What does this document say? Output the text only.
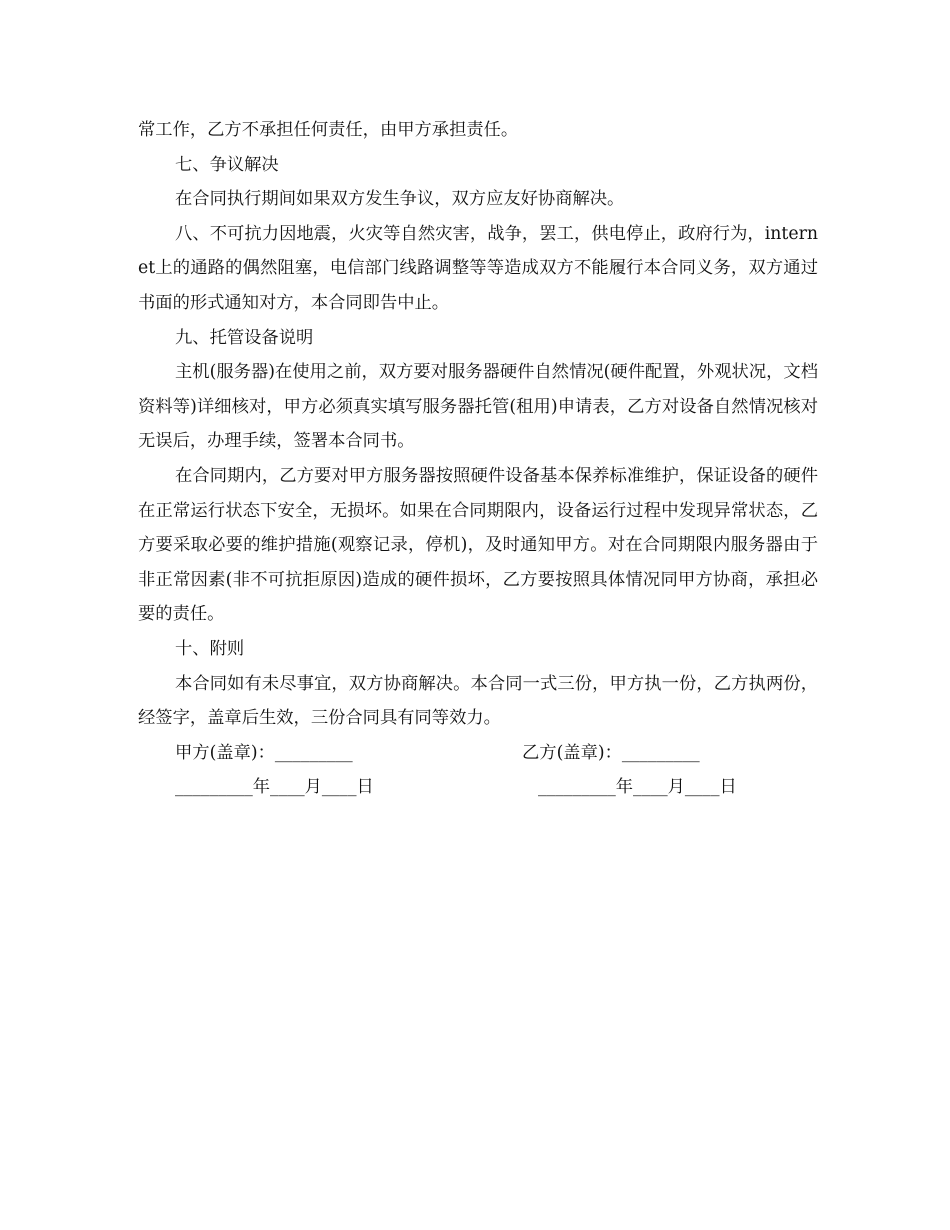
常工作，乙方不承担任何责任，由甲方承担责任。

七、争议解决

在合同执行期间如果双方发生争议，双方应友好协商解决。

八、不可抗力因地震，火灾等自然灾害，战争，罢工，供电停止，政府行为，internet上的通路的偶然阻塞，电信部门线路调整等等造成双方不能履行本合同义务，双方通过书面的形式通知对方，本合同即告中止。

九、托管设备说明

主机(服务器)在使用之前，双方要对服务器硬件自然情况(硬件配置，外观状况，文档资料等)详细核对，甲方必须真实填写服务器托管(租用)申请表，乙方对设备自然情况核对无误后，办理手续，签署本合同书。

在合同期内，乙方要对甲方服务器按照硬件设备基本保养标准维护，保证设备的硬件在正常运行状态下安全，无损坏。如果在合同期限内，设备运行过程中发现异常状态，乙方要采取必要的维护措施(观察记录，停机)，及时通知甲方。对在合同期限内服务器由于非正常因素(非不可抗拒原因)造成的硬件损坏，乙方要按照具体情况同甲方协商，承担必要的责任。

十、附则

本合同如有未尽事宜，双方协商解决。本合同一式三份，甲方执一份，乙方执两份，经签字，盖章后生效，三份合同具有同等效力。

甲方(盖章)：_________	乙方(盖章)：_________
_________年____月____日	_________年____月____日
